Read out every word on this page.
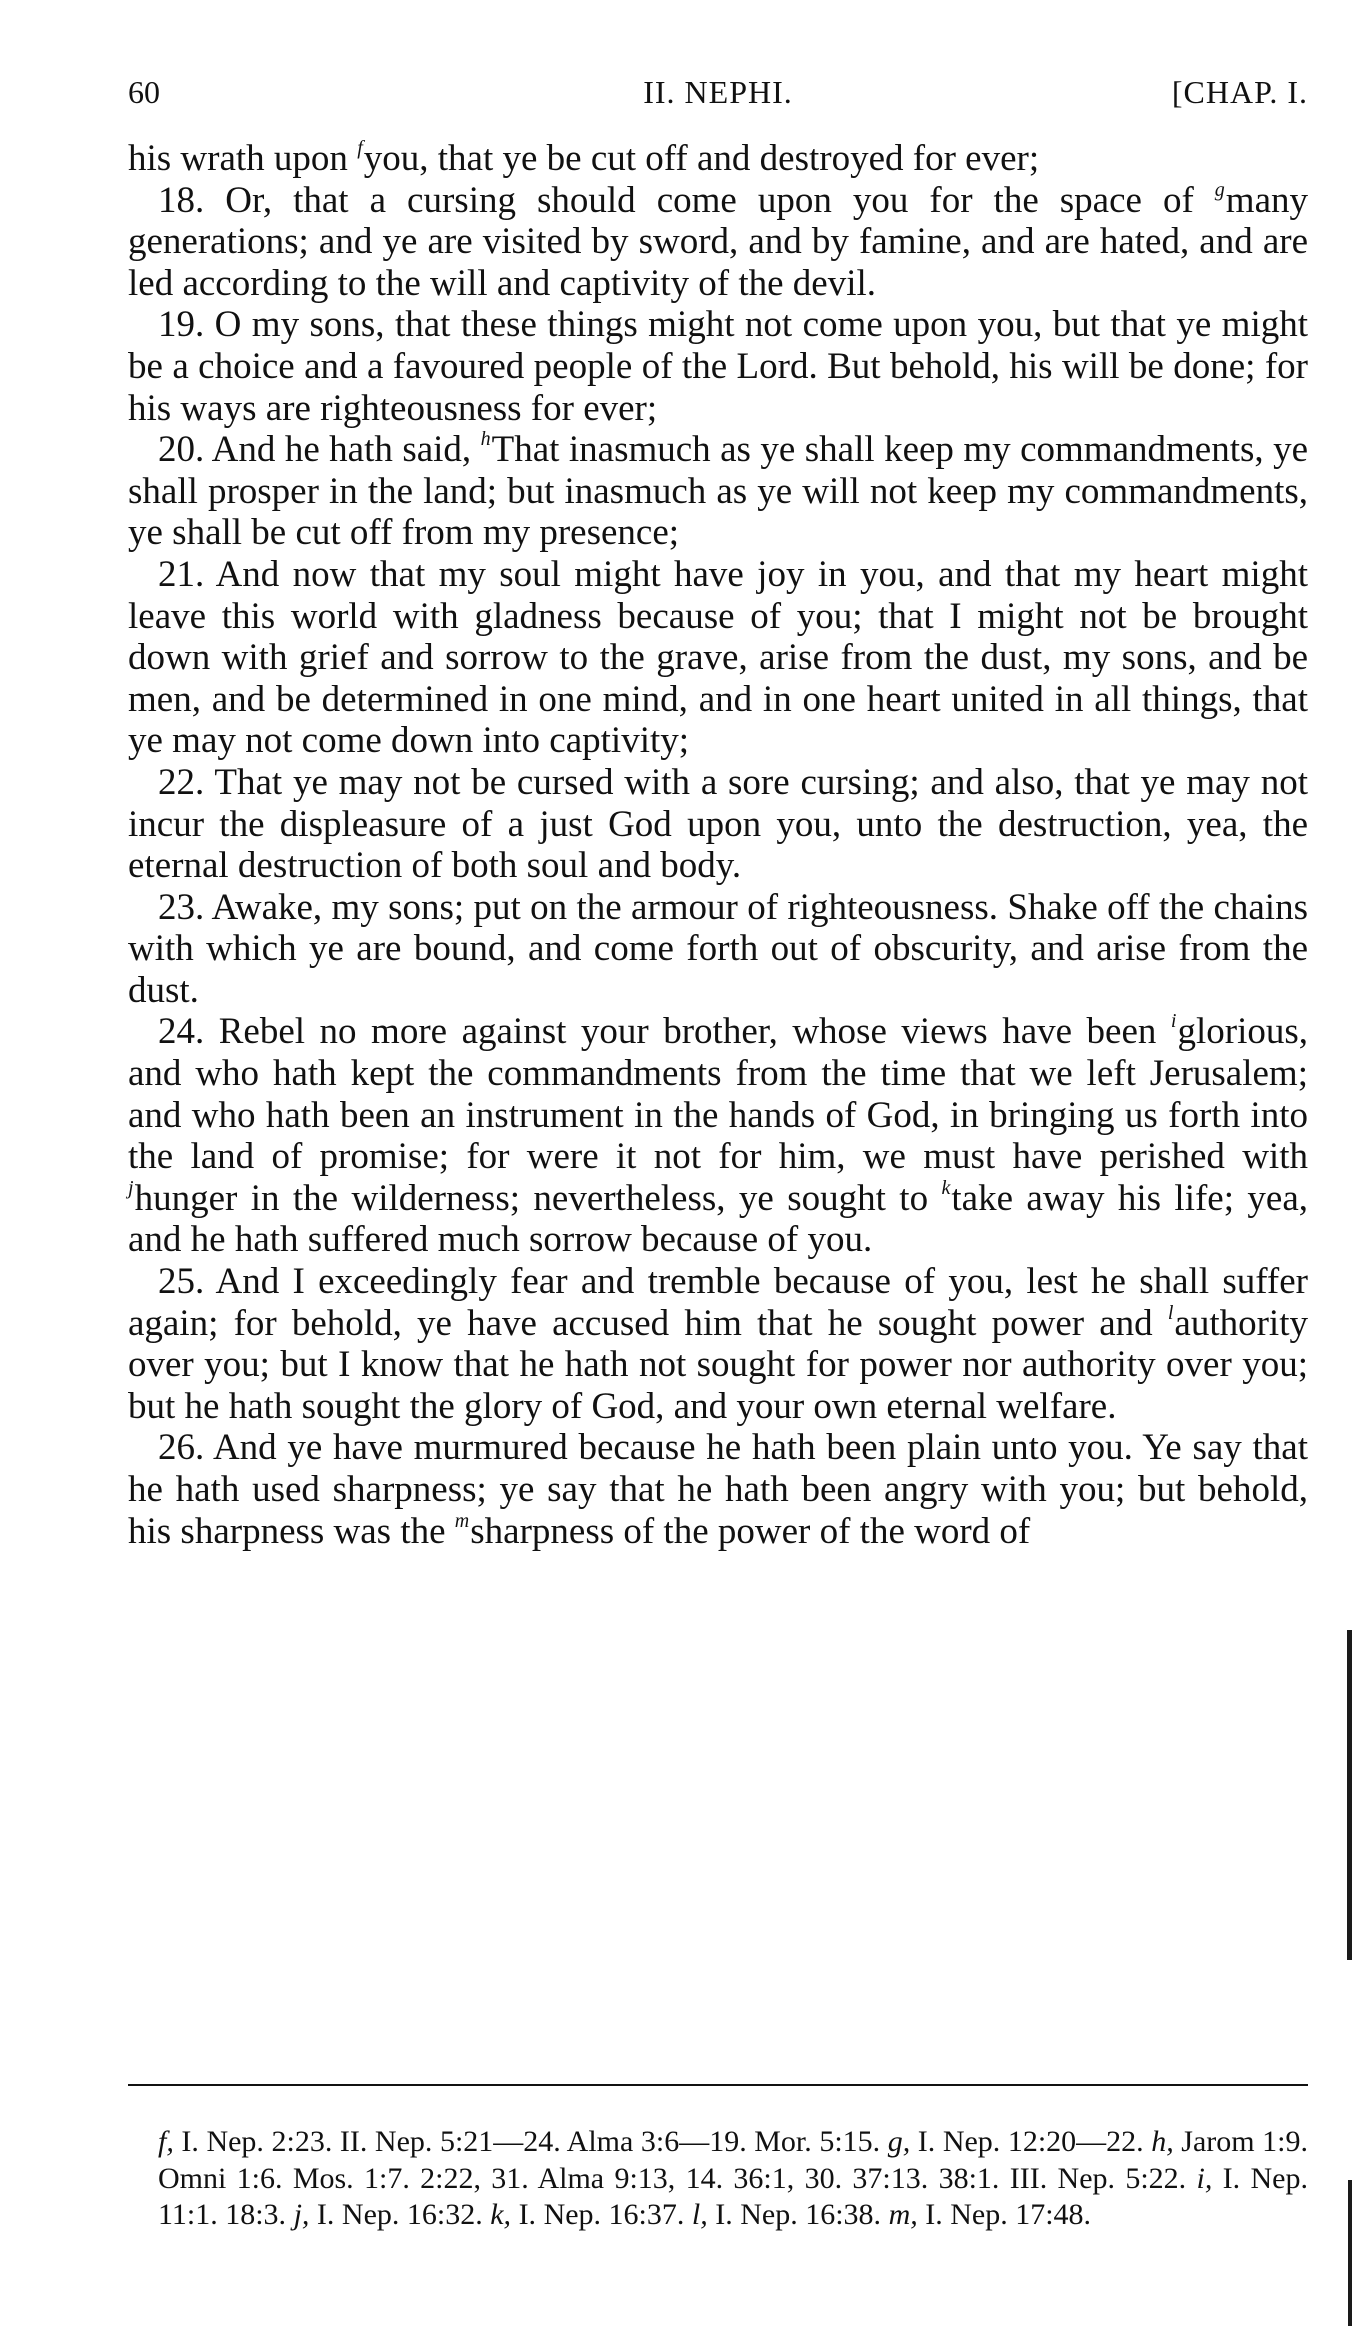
60	II. NEPHI.	[CHAP. I.

his wrath upon $^f$you, that ye be cut off and destroyed for ever;

18. Or, that a cursing should come upon you for the space of $^g$many generations; and ye are visited by sword, and by famine, and are hated, and are led according to the will and captivity of the devil.

19. O my sons, that these things might not come upon you, but that ye might be a choice and a favoured people of the Lord. But behold, his will be done; for his ways are righteousness for ever;

20. And he hath said, $^h$That inasmuch as ye shall keep my commandments, ye shall prosper in the land; but inasmuch as ye will not keep my commandments, ye shall be cut off from my presence;

21. And now that my soul might have joy in you, and that my heart might leave this world with gladness because of you; that I might not be brought down with grief and sorrow to the grave, arise from the dust, my sons, and be men, and be determined in one mind, and in one heart united in all things, that ye may not come down into captivity;

22. That ye may not be cursed with a sore cursing; and also, that ye may not incur the displeasure of a just God upon you, unto the destruction, yea, the eternal destruction of both soul and body.

23. Awake, my sons; put on the armour of righteousness. Shake off the chains with which ye are bound, and come forth out of obscurity, and arise from the dust.

24. Rebel no more against your brother, whose views have been $^i$glorious, and who hath kept the commandments from the time that we left Jerusalem; and who hath been an instrument in the hands of God, in bringing us forth into the land of promise; for were it not for him, we must have perished with $^j$hunger in the wilderness; nevertheless, ye sought to $^k$take away his life; yea, and he hath suffered much sorrow because of you.

25. And I exceedingly fear and tremble because of you, lest he shall suffer again; for behold, ye have accused him that he sought power and $^l$authority over you; but I know that he hath not sought for power nor authority over you; but he hath sought the glory of God, and your own eternal welfare.

26. And ye have murmured because he hath been plain unto you. Ye say that he hath used sharpness; ye say that he hath been angry with you; but behold, his sharpness was the $^m$sharpness of the power of the word of

f, I. Nep. 2:23. II. Nep. 5:21—24. Alma 3:6—19. Mor. 5:15. g, I. Nep. 12:20—22. h, Jarom 1:9. Omni 1:6. Mos. 1:7. 2:22, 31. Alma 9:13, 14. 36:1, 30. 37:13. 38:1. III. Nep. 5:22. i, I. Nep. 11:1. 18:3. j, I. Nep. 16:32. k, I. Nep. 16:37. l, I. Nep. 16:38. m, I. Nep. 17:48.
